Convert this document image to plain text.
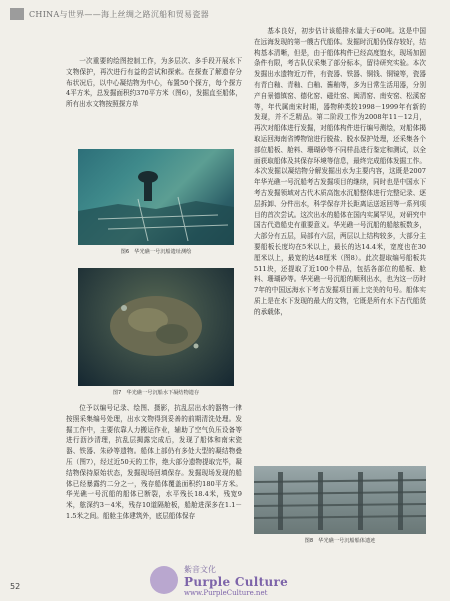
CHINA与世界——海上丝绸之路沉船和贸易瓷器

一次重要的绘图控制工作，为多层次、多手段开展水下文物保护，再次进行有益的尝试和探索。在探查了解遗存分布状况后，以中心凝结物为中心，布置50个探方，每个探方4平方米，总发掘面积约370平方米（图6），发掘直至船体，所有出水文物按照探方单

图6　华光礁一号沉船遗址测绘
图7　华光礁一号沉船水下凝结物遗存

位予以编号记录、绘图、摄影，抗乱层出水的器物一律按照采集编号处理，出水文物得到妥善的前期清洗处理。发掘工作中，主要依靠人力搬运作业，辅助了空气负压设备等进行沥沙清理，抗乱层揭露完成后，发现了船体和南宋瓷器、铁器、朱砂等遗物。船体上部仍有多处大型的凝结物叠压（图7），经过近50天的工作，绝大部分遗物提取完毕，凝结物保持原始状态，发掘现场回填保存。发掘现场发现的船体已经暴露约二分之一，残存船体覆盖面积约180平方米。华光礁一号沉船的船体已断裂，水平残长18.4米，残宽9米，舷深约3－4米，残存10道隔舱板，船舱进深多在1.1－1.5米之间。船舱主体建筑外，底层船体保存

基本良好，初步估计该船排水量大于60吨。这是中国在远海发现的第一艘古代船体。发掘时沉船仍保存较好，结构基本清晰，但是，由于船体构件已经高度饱水，现场加固条件有限，考古队仅采集了部分标本，留待研究实验。本次发掘出水遗物近万件，有瓷器、铁器、铜钱、铜镜等，瓷器有青白釉、青釉、白釉、酱釉等，多为日常生活用器，分别产自景德镇窑、德化窑、磁灶窑、闽清窑、南安窑、松溪窑等，年代属南宋时期，器物种类较1998－1999年有新的发现，并不乏精品。第二阶段工作为2008年11－12月，再次对船体进行发掘，对船体构件进行编号测绘，对船体揭取运回海南省博物馆进行脱盐、脱水保护处理，还采集各个部位船板、舱料、珊瑚砂等不同样品进行鉴定和测试，以全面获取船体及其保存环境等信息，最终完成船体发掘工作。本次发掘以凝结物分解发掘出水为主要内容，这既是2007年华光礁一号沉船考古发掘项目的继续，同时也是中国水下考古发掘领域对古代木质高饱水沉船整体进行完整记录、逐层拆卸、分件出水，科学保存并长距离运送返回等一系列项目的首次尝试。这次出水的船体在国内实属罕见，对研究中国古代造船史有重要意义。华光礁一号沉船的船舷板数多，大部分有五层，局部有六层，两层以上结构较多，大部分主要船板长度均在5米以上，最长的达14.4米，宽度也在30厘米以上，最宽的达48厘米（图8）。此次提取编号船板共511块，还提取了近100个样品，包括各部位的船板、舱料、珊瑚砂等。华光礁一号沉船的顺利出水，也为这一历时7年的中国远海水下考古发掘项目画上完美的句号。船体实质上是在水下发现的最大的文物，它既是所有水下古代船货的承载体，

图8　华光礁一号沉船船体遗迹
52
紫音文化
Purple Culture
www.PurpleCulture.net
